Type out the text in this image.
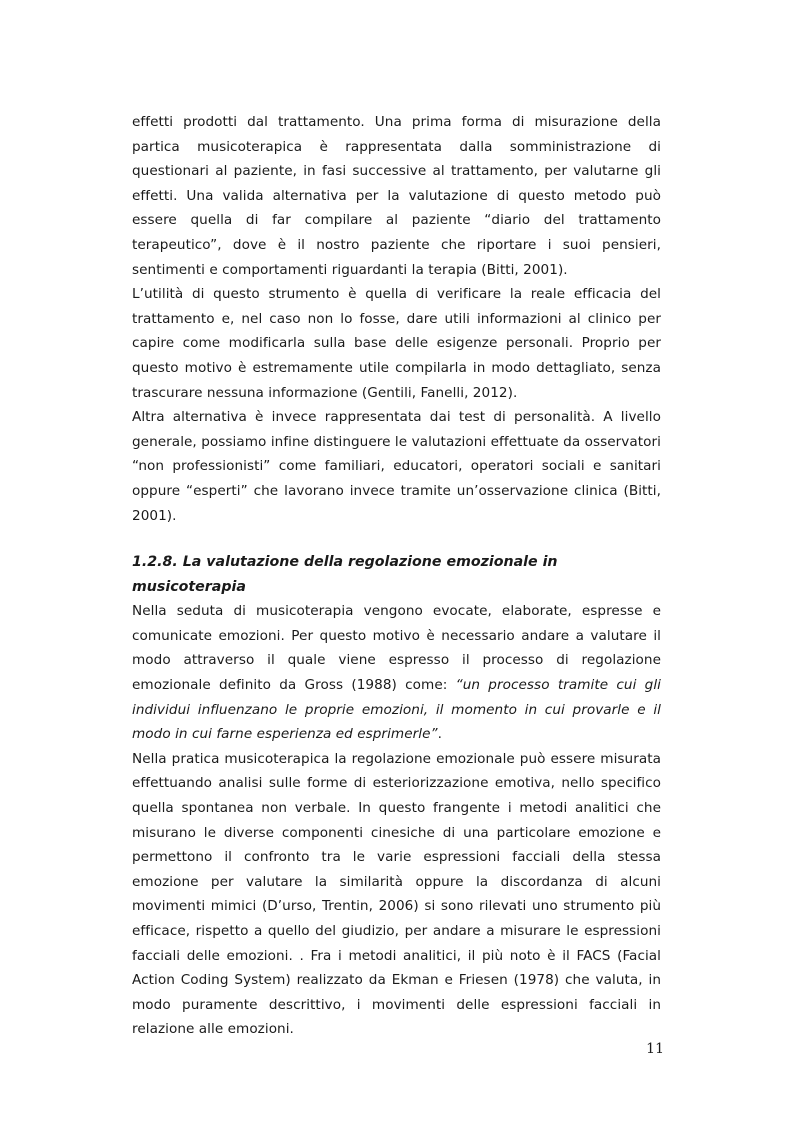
effetti prodotti dal trattamento. Una prima forma di misurazione della partica musicoterapica è rappresentata dalla somministrazione di questionari al paziente, in fasi successive al trattamento, per valutarne gli effetti. Una valida alternativa per la valutazione di questo metodo può essere quella di far compilare al paziente “diario del trattamento terapeutico”, dove è il nostro paziente che riportare i suoi pensieri, sentimenti e comportamenti riguardanti la terapia (Bitti, 2001).

L’utilità di questo strumento è quella di verificare la reale efficacia del trattamento e, nel caso non lo fosse, dare utili informazioni al clinico per capire come modificarla sulla base delle esigenze personali. Proprio per questo motivo è estremamente utile compilarla in modo dettagliato, senza trascurare nessuna informazione (Gentili, Fanelli, 2012).

Altra alternativa è invece rappresentata dai test di personalità. A livello generale, possiamo infine distinguere le valutazioni effettuate da osservatori “non professionisti” come familiari, educatori, operatori sociali e sanitari oppure “esperti” che lavorano invece tramite un’osservazione clinica (Bitti, 2001).

1.2.8. La valutazione della regolazione emozionale in musicoterapia

Nella seduta di musicoterapia vengono evocate, elaborate, espresse e comunicate emozioni. Per questo motivo è necessario andare a valutare il modo attraverso il quale viene espresso il processo di regolazione emozionale definito da Gross (1988) come: “un processo tramite cui gli individui influenzano le proprie emozioni, il momento in cui provarle e il modo in cui farne esperienza ed esprimerle”.

Nella pratica musicoterapica la regolazione emozionale può essere misurata effettuando analisi sulle forme di esteriorizzazione emotiva, nello specifico quella spontanea non verbale. In questo frangente i metodi analitici che misurano le diverse componenti cinesiche di una particolare emozione e permettono il confronto tra le varie espressioni facciali della stessa emozione per valutare la similarità oppure la discordanza di alcuni movimenti mimici (D’urso, Trentin, 2006) si sono rilevati uno strumento più efficace, rispetto a quello del giudizio, per andare a misurare le espressioni facciali delle emozioni. . Fra i metodi analitici, il più noto è il FACS (Facial Action Coding System) realizzato da Ekman e Friesen (1978) che valuta, in modo puramente descrittivo, i movimenti delle espressioni facciali in relazione alle emozioni.

11
